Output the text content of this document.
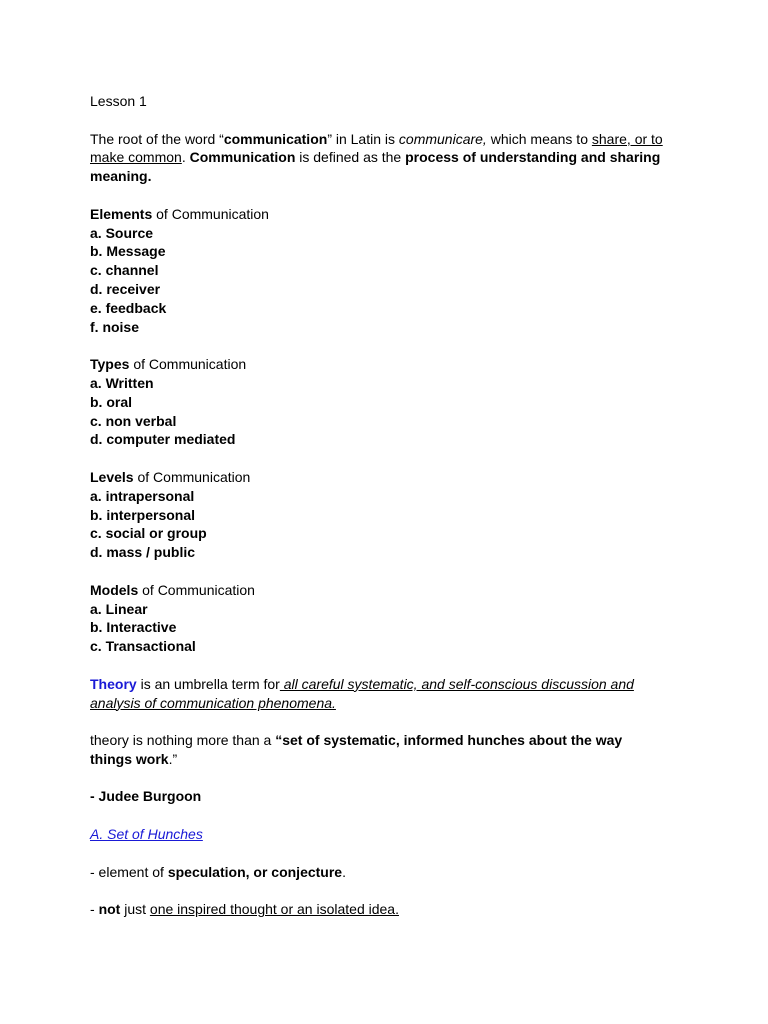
Lesson 1

The root of the word “communication” in Latin is communicare, which means to share, or to make common. Communication is defined as the process of understanding and sharing meaning.

Elements of Communication

a. Source
b. Message
c. channel
d. receiver
e. feedback
f. noise

Types of Communication

a. Written
b. oral
c. non verbal
d. computer mediated

Levels of Communication

a. intrapersonal
b. interpersonal
c. social or group
d. mass / public

Models of Communication

a. Linear
b. Interactive
c. Transactional

Theory is an umbrella term for all careful systematic, and self-conscious discussion and analysis of communication phenomena.

theory is nothing more than a “set of systematic, informed hunches about the way things work.”

- Judee Burgoon

A. Set of Hunches

- element of speculation, or conjecture.

- not just one inspired thought or an isolated idea.
